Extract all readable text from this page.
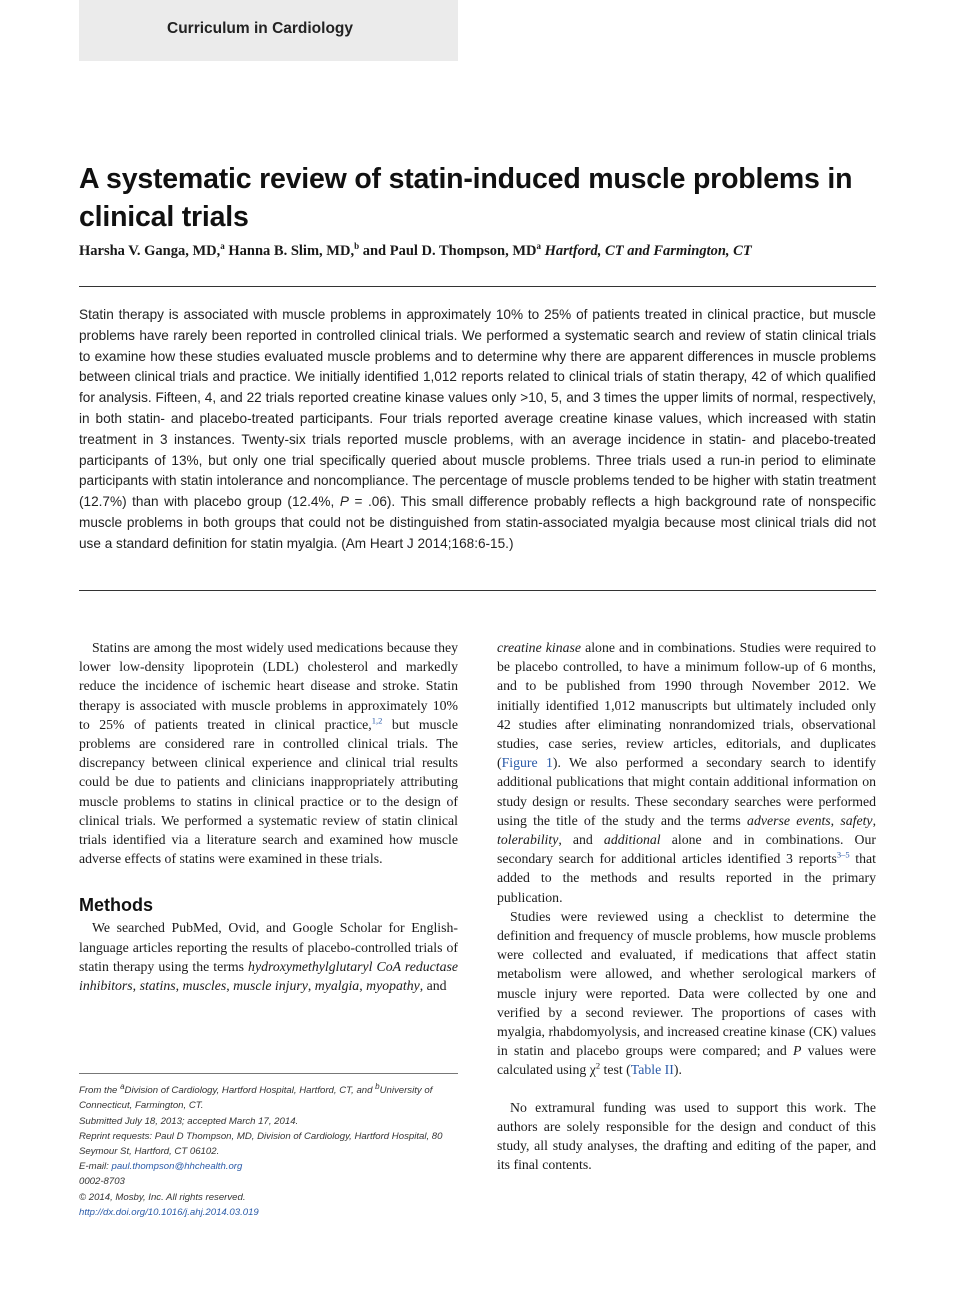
Curriculum in Cardiology
A systematic review of statin-induced muscle problems in clinical trials
Harsha V. Ganga, MD,$^a$ Hanna B. Slim, MD,$^b$ and Paul D. Thompson, $MD^a$ Hartford, CT and Farmington, CT

Statin therapy is associated with muscle problems in approximately 10% to 25% of patients treated in clinical practice, but muscle problems have rarely been reported in controlled clinical trials. We performed a systematic search and review of statin clinical trials to examine how these studies evaluated muscle problems and to determine why there are apparent differences in muscle problems between clinical trials and practice. We initially identified 1,012 reports related to clinical trials of statin therapy, 42 of which qualified for analysis. Fifteen, 4, and 22 trials reported creatine kinase values only >10, 5, and 3 times the upper limits of normal, respectively, in both statin- and placebo-treated participants. Four trials reported average creatine kinase values, which increased with statin treatment in 3 instances. Twenty-six trials reported muscle problems, with an average incidence in statin- and placebo-treated participants of 13%, but only one trial specifically queried about muscle problems. Three trials used a run-in period to eliminate participants with statin intolerance and noncompliance. The percentage of muscle problems tended to be higher with statin treatment (12.7%) than with placebo group (12.4%, P = .06). This small difference probably reflects a high background rate of nonspecific muscle problems in both groups that could not be distinguished from statin-associated myalgia because most clinical trials did not use a standard definition for statin myalgia. (Am Heart J 2014;168:6-15.)

Statins are among the most widely used medications because they lower low-density lipoprotein (LDL) cholesterol and markedly reduce the incidence of ischemic heart disease and stroke. Statin therapy is associated with muscle problems in approximately 10% to 25% of patients treated in clinical practice,$^{1,2}$ but muscle problems are considered rare in controlled clinical trials. The discrepancy between clinical experience and clinical trial results could be due to patients and clinicians inappropriately attributing muscle problems to statins in clinical practice or to the design of clinical trials. We performed a systematic review of statin clinical trials identified via a literature search and examined how muscle adverse effects of statins were examined in these trials.

Methods

We searched PubMed, Ovid, and Google Scholar for English-language articles reporting the results of placebo-controlled trials of statin therapy using the terms hydroxymethylglutaryl CoA reductase inhibitors, statins, muscles, muscle injury, myalgia, myopathy, and

From the $^a$Division of Cardiology, Hartford Hospital, Hartford, CT, and $^b$University of Connecticut, Farmington, CT.
Submitted July 18, 2013; accepted March 17, 2014.
Reprint requests: Paul D Thompson, MD, Division of Cardiology, Hartford Hospital, 80 Seymour St, Hartford, CT 06102.
E-mail: paul.thompson@hhchealth.org
0002-8703
© 2014, Mosby, Inc. All rights reserved.
http://dx.doi.org/10.1016/j.ahj.2014.03.019

creatine kinase alone and in combinations. Studies were required to be placebo controlled, to have a minimum follow-up of 6 months, and to be published from 1990 through November 2012. We initially identified 1,012 manuscripts but ultimately included only 42 studies after eliminating nonrandomized trials, observational studies, case series, review articles, editorials, and duplicates (Figure 1). We also performed a secondary search to identify additional publications that might contain additional information on study design or results. These secondary searches were performed using the title of the study and the terms adverse events, safety, tolerability, and additional alone and in combinations. Our secondary search for additional articles identified 3 reports$^{3-5}$ that added to the methods and results reported in the primary publication.

Studies were reviewed using a checklist to determine the definition and frequency of muscle problems, how muscle problems were collected and evaluated, if medications that affect statin metabolism were allowed, and whether serological markers of muscle injury were reported. Data were collected by one and verified by a second reviewer. The proportions of cases with myalgia, rhabdomyolysis, and increased creatine kinase (CK) values in statin and placebo groups were compared; and P values were calculated using $\chi^2$ test (Table II).

No extramural funding was used to support this work. The authors are solely responsible for the design and conduct of this study, all study analyses, the drafting and editing of the paper, and its final contents.
